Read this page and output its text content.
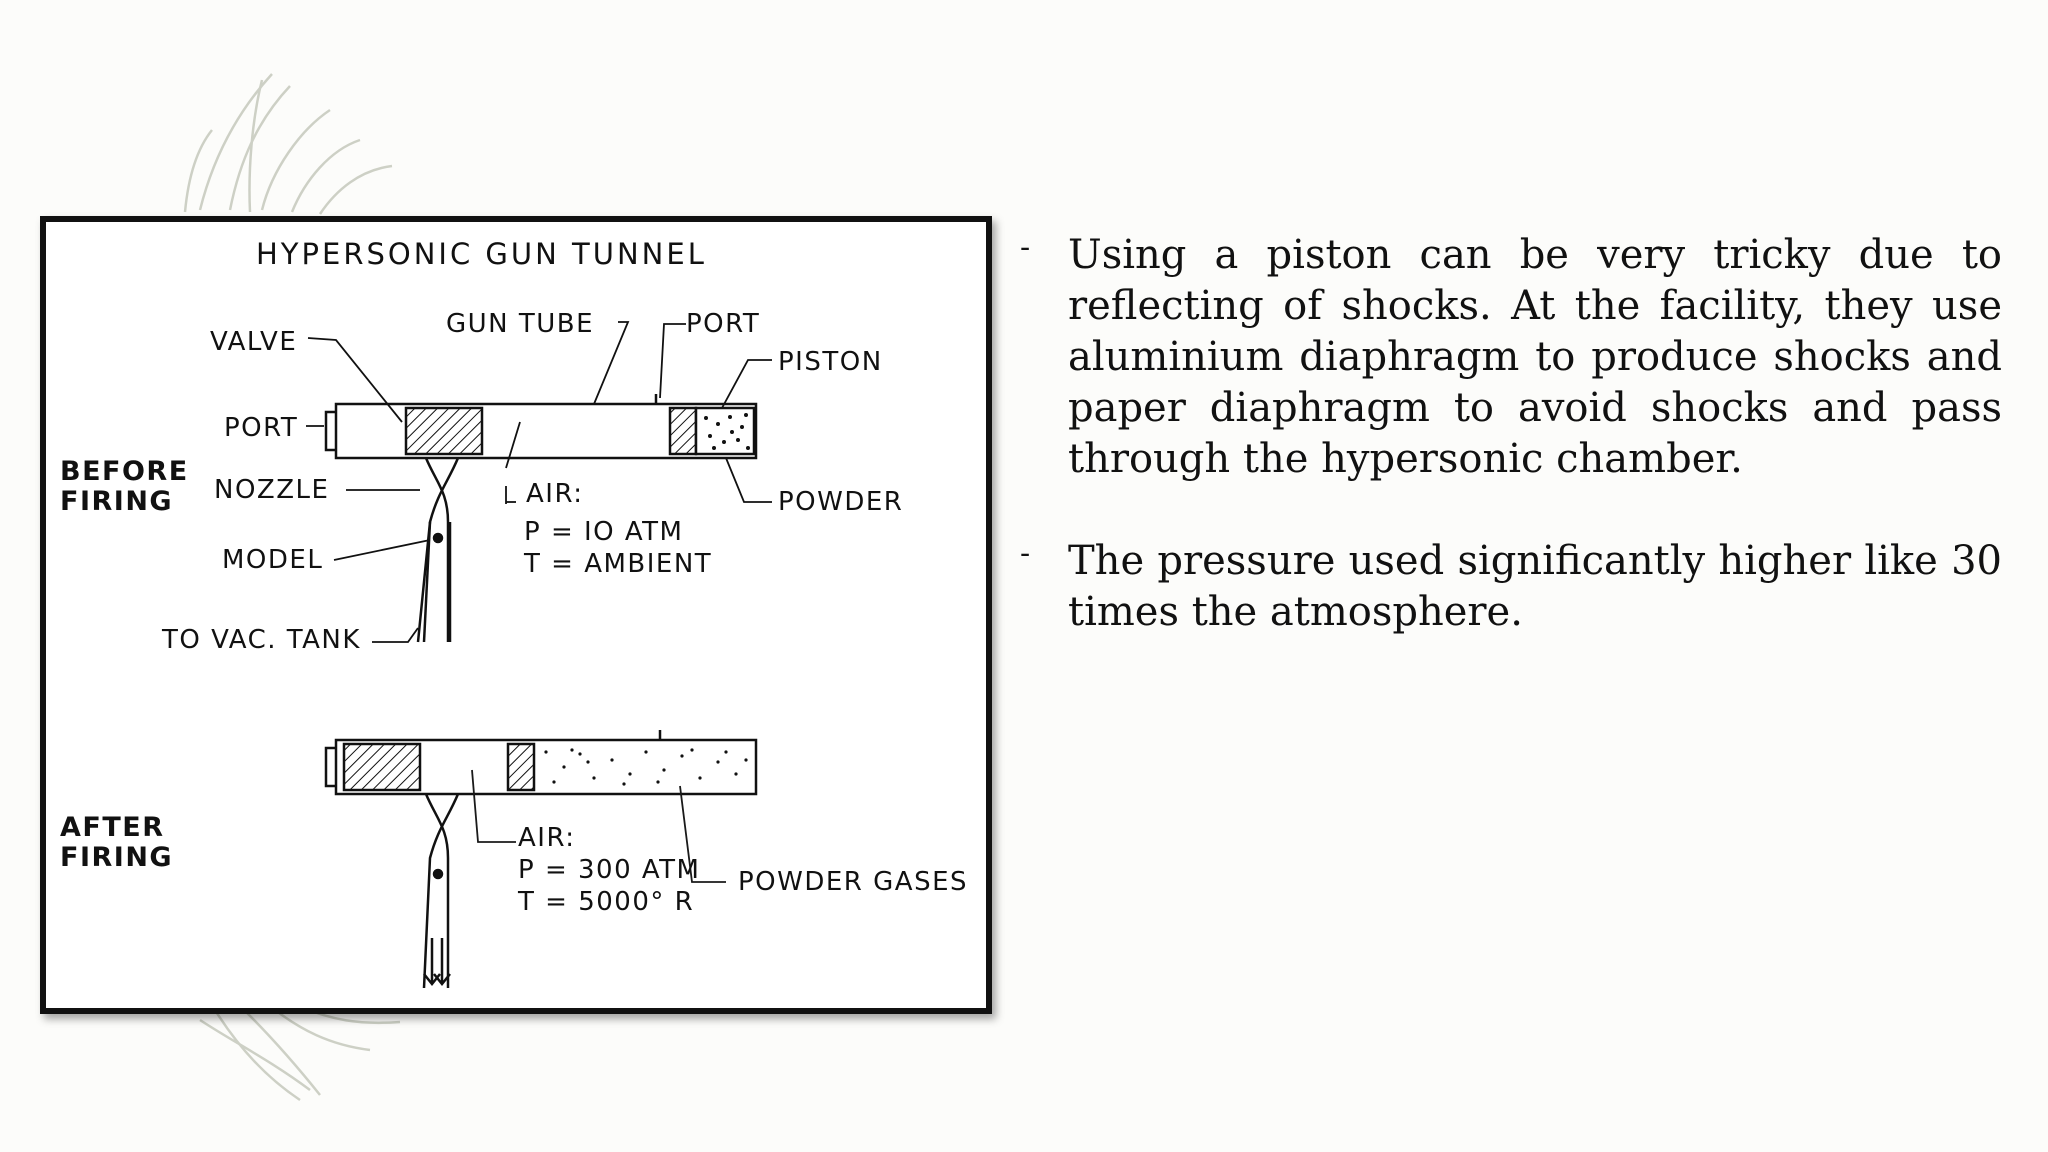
HYPERSONIC GUN TUNNEL
VALVE
GUN TUBE	PORT
PISTON
PORT
NOZZLE
MODEL
TO VAC. TANK
POWDER
BEFORE
FIRING	AIR:
P = IO ATM
T = AMBIENT
AFTER
FIRING
AIR:
P = 300 ATM
T = 5000° R
POWDER GASES
- Using a piston can be very tricky due to reflecting of shocks. At the facility, they use aluminium diaphragm to produce shocks and paper diaphragm to avoid shocks and pass through the hypersonic chamber.
- The pressure used significantly higher like 30 times the atmosphere.
